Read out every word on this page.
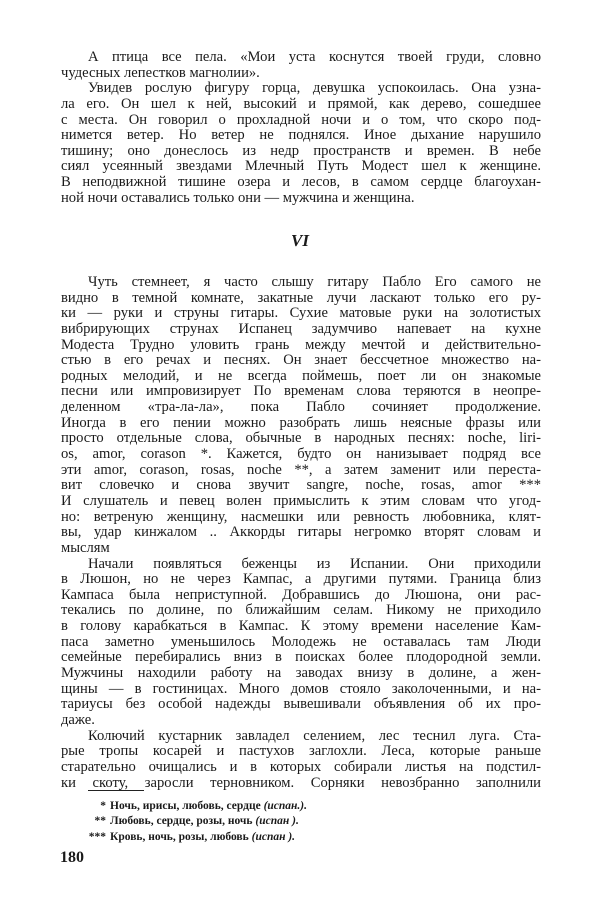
А птица все пела. «Мои уста коснутся твоей груди, словно
чудесных лепестков магнолии».
Увидев рослую фигуру горца, девушка успокоилась. Она узна-
ла его. Он шел к ней, высокий и прямой, как дерево, сошедшее
с места. Он говорил о прохладной ночи и о том, что скоро под-
нимется ветер. Но ветер не поднялся. Иное дыхание нарушило
тишину; оно донеслось из недр пространств и времен. В небе
сиял усеянный звездами Млечный Путь Модест шел к женщине.
В неподвижной тишине озера и лесов, в самом сердце благоухан-
ной ночи оставались только они — мужчина и женщина.
VI
Чуть стемнеет, я часто слышу гитару Пабло Его самого не
видно в темной комнате, закатные лучи ласкают только его ру-
ки — руки и струны гитары. Сухие матовые руки на золотистых
вибрирующих струнах Испанец задумчиво напевает на кухне
Модеста Трудно уловить грань между мечтой и действительно-
стью в его речах и песнях. Он знает бессчетное множество на-
родных мелодий, и не всегда поймешь, поет ли он знакомые
песни или импровизирует По временам слова теряются в неопре-
деленном «тра-ла-ла», пока Пабло сочиняет продолжение.
Иногда в его пении можно разобрать лишь неясные фразы или
просто отдельные слова, обычные в народных песнях: noche, liri-
os, amor, corason *. Кажется, будто он нанизывает подряд все
эти amor, corason, rosas, noche **, а затем заменит или переста-
вит словечко и снова звучит sangre, noche, rosas, amor ***
И слушатель и певец волен примыслить к этим словам что угод-
но: ветреную женщину, насмешки или ревность любовника, клят-
вы, удар кинжалом .. Аккорды гитары негромко вторят словам и
мыслям
Начали появляться беженцы из Испании. Они приходили
в Люшон, но не через Кампас, а другими путями. Граница близ
Кампаса была неприступной. Добравшись до Люшона, они рас-
текались по долине, по ближайшим селам. Никому не приходило
в голову карабкаться в Кампас. К этому времени население Кам-
паса заметно уменьшилось Молодежь не оставалась там Люди
семейные перебирались вниз в поисках более плодородной земли.
Мужчины находили работу на заводах внизу в долине, а жен-
щины — в гостиницах. Много домов стояло заколоченными, и на-
тариусы без особой надежды вывешивали объявления об их про-
даже.
Колючий кустарник завладел селением, лес теснил луга. Ста-
рые тропы косарей и пастухов заглохли. Леса, которые раньше
старательно очищались и в которых собирали листья на подстил-
ки скоту, заросли терновником. Сорняки невозбранно заполнили
* Ночь, ирисы, любовь, сердце (испан.).
** Любовь, сердце, розы, ночь (испан ).
*** Кровь, ночь, розы, любовь (испан ).
180
